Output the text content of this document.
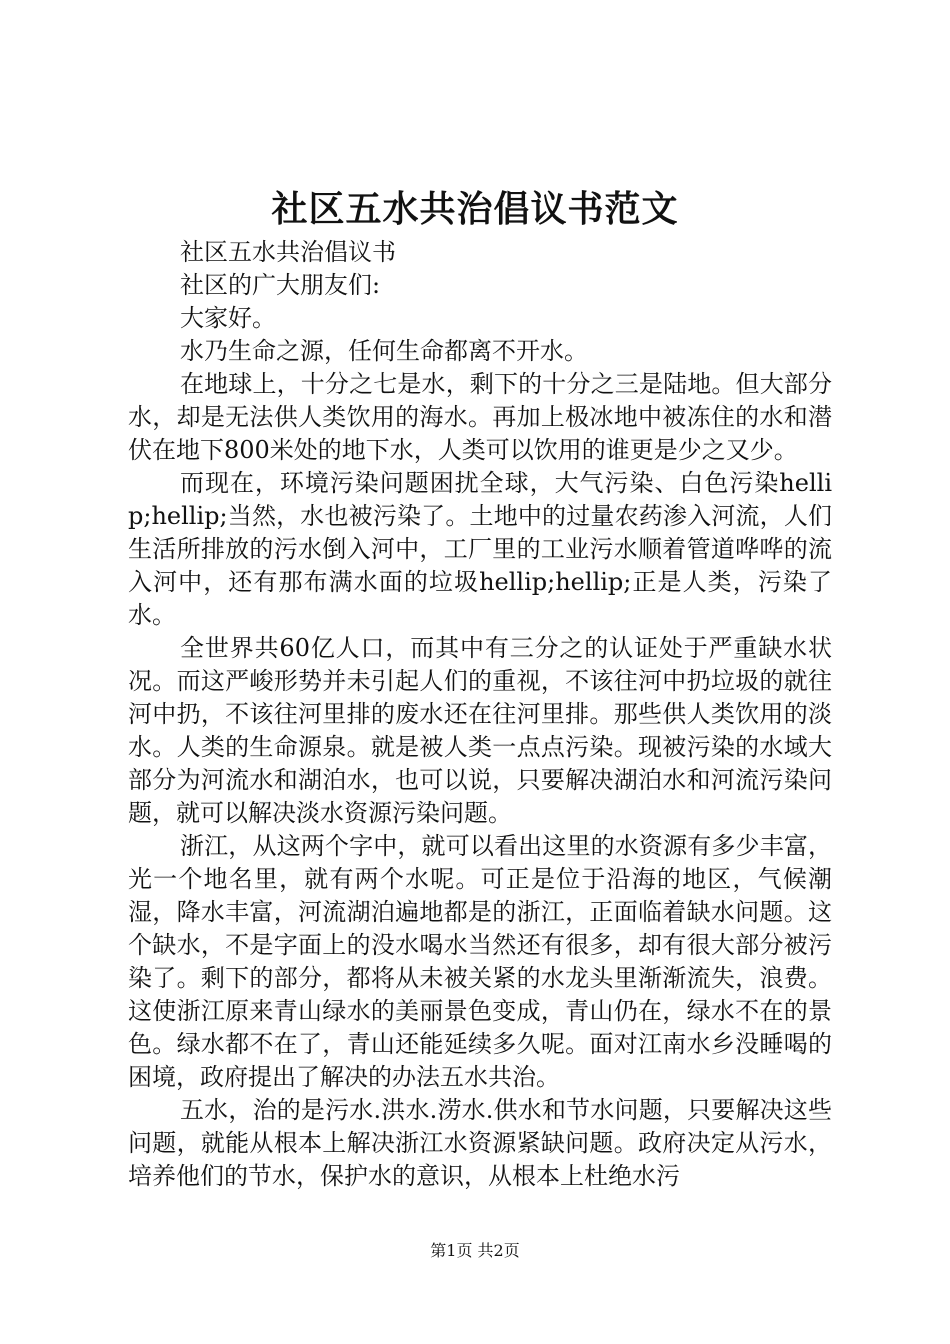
社区五水共治倡议书范文

社区五水共治倡议书

社区的广大朋友们:

大家好。

水乃生命之源，任何生命都离不开水。

在地球上，十分之七是水，剩下的十分之三是陆地。但大部分水，却是无法供人类饮用的海水。再加上极冰地中被冻住的水和潜伏在地下800米处的地下水，人类可以饮用的谁更是少之又少。

而现在，环境污染问题困扰全球，大气污染、白色污染hellip;hellip;当然，水也被污染了。土地中的过量农药渗入河流，人们生活所排放的污水倒入河中，工厂里的工业污水顺着管道哗哗的流入河中，还有那布满水面的垃圾hellip;hellip;正是人类，污染了水。

全世界共60亿人口，而其中有三分之的认证处于严重缺水状况。而这严峻形势并未引起人们的重视，不该往河中扔垃圾的就往河中扔，不该往河里排的废水还在往河里排。那些供人类饮用的淡水。人类的生命源泉。就是被人类一点点污染。现被污染的水域大部分为河流水和湖泊水，也可以说，只要解决湖泊水和河流污染问题，就可以解决淡水资源污染问题。

浙江，从这两个字中，就可以看出这里的水资源有多少丰富，光一个地名里，就有两个水呢。可正是位于沿海的地区，气候潮湿，降水丰富，河流湖泊遍地都是的浙江，正面临着缺水问题。这个缺水，不是字面上的没水喝水当然还有很多，却有很大部分被污染了。剩下的部分，都将从未被关紧的水龙头里渐渐流失，浪费。这使浙江原来青山绿水的美丽景色变成，青山仍在，绿水不在的景色。绿水都不在了，青山还能延续多久呢。面对江南水乡没睡喝的困境，政府提出了解决的办法五水共治。

五水，治的是污水.洪水.涝水.供水和节水问题，只要解决这些问题，就能从根本上解决浙江水资源紧缺问题。政府决定从污水，培养他们的节水，保护水的意识，从根本上杜绝水污

第1页 共2页
